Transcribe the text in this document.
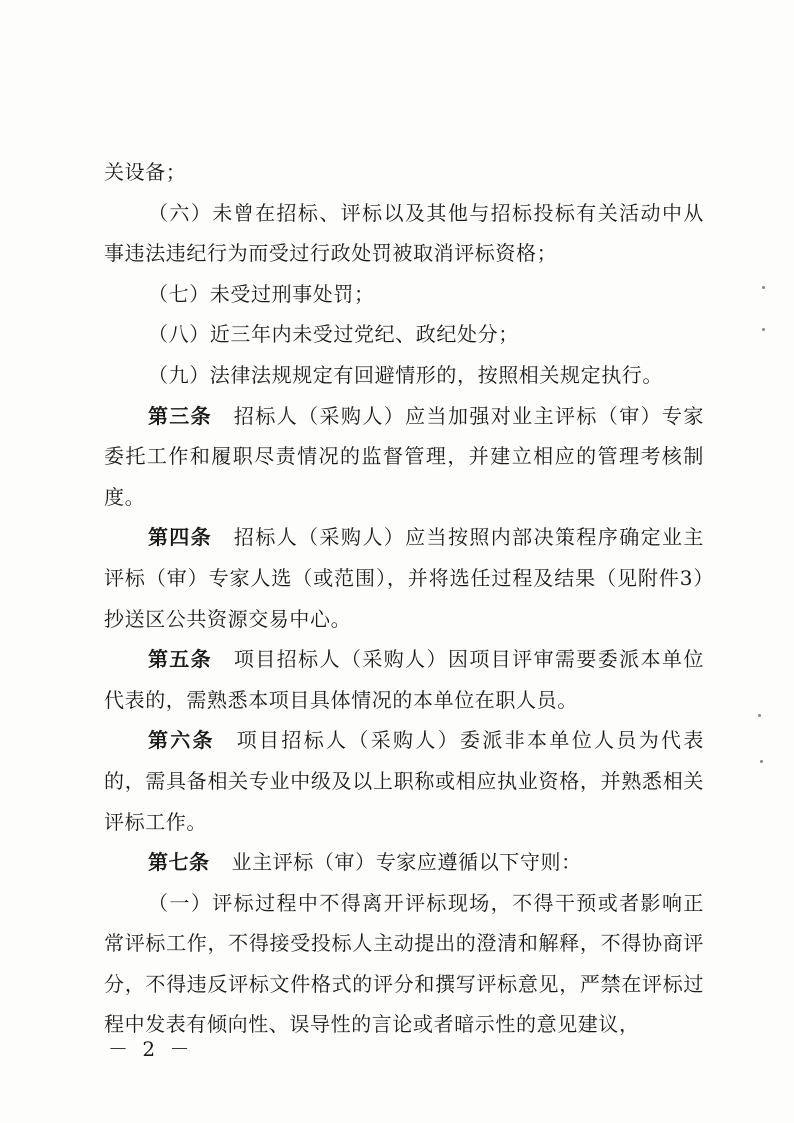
关设备；

（六）未曾在招标、评标以及其他与招标投标有关活动中从事违法违纪行为而受过行政处罚被取消评标资格；

（七）未受过刑事处罚；

（八）近三年内未受过党纪、政纪处分；

（九）法律法规规定有回避情形的，按照相关规定执行。

第三条 招标人（采购人）应当加强对业主评标（审）专家委托工作和履职尽责情况的监督管理，并建立相应的管理考核制度。

第四条 招标人（采购人）应当按照内部决策程序确定业主评标（审）专家人选（或范围），并将选任过程及结果（见附件3）抄送区公共资源交易中心。

第五条 项目招标人（采购人）因项目评审需要委派本单位代表的，需熟悉本项目具体情况的本单位在职人员。

第六条 项目招标人（采购人）委派非本单位人员为代表的，需具备相关专业中级及以上职称或相应执业资格，并熟悉相关评标工作。

第七条 业主评标（审）专家应遵循以下守则：

（一）评标过程中不得离开评标现场，不得干预或者影响正常评标工作，不得接受投标人主动提出的澄清和解释，不得协商评分，不得违反评标文件格式的评分和撰写评标意见，严禁在评标过程中发表有倾向性、误导性的言论或者暗示性的意见建议，

－ 2 －
